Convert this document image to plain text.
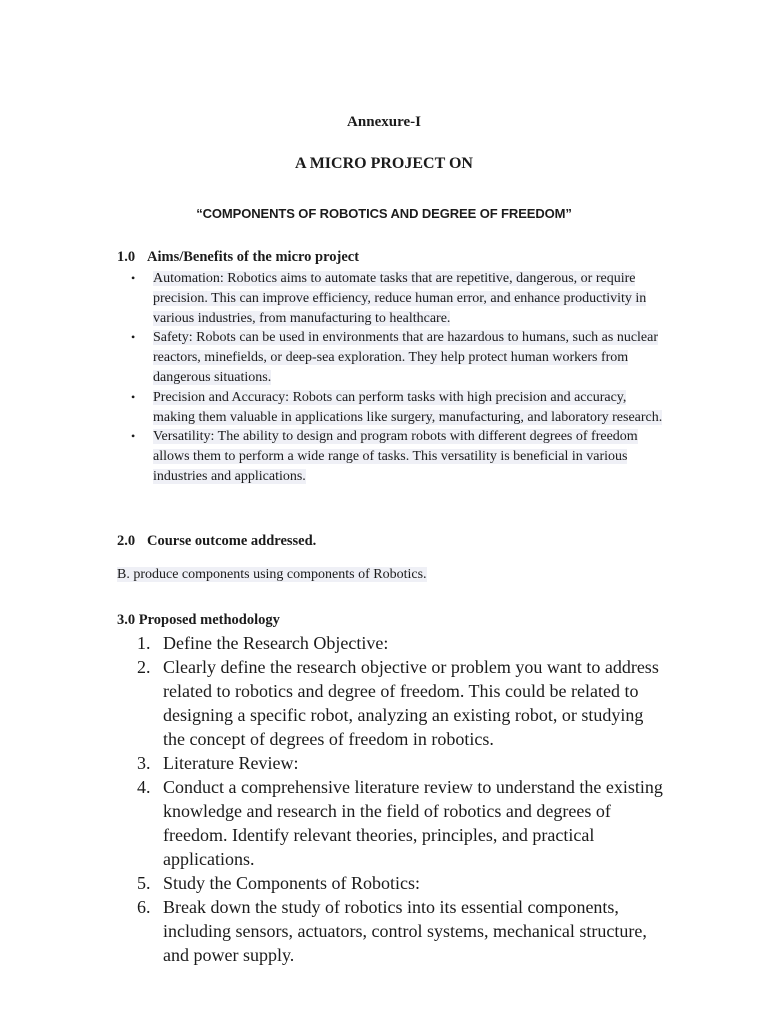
Annexure-I
A MICRO PROJECT ON
“COMPONENTS OF ROBOTICS AND DEGREE OF FREEDOM”
1.0 Aims/Benefits of the micro project
• Automation: Robotics aims to automate tasks that are repetitive, dangerous, or require precision. This can improve efficiency, reduce human error, and enhance productivity in various industries, from manufacturing to healthcare.
• Safety: Robots can be used in environments that are hazardous to humans, such as nuclear reactors, minefields, or deep-sea exploration. They help protect human workers from dangerous situations.
• Precision and Accuracy: Robots can perform tasks with high precision and accuracy, making them valuable in applications like surgery, manufacturing, and laboratory research.
• Versatility: The ability to design and program robots with different degrees of freedom allows them to perform a wide range of tasks. This versatility is beneficial in various industries and applications.
2.0 Course outcome addressed.
B. produce components using components of Robotics.
3.0 Proposed methodology
1. Define the Research Objective:
2. Clearly define the research objective or problem you want to address related to robotics and degree of freedom. This could be related to designing a specific robot, analyzing an existing robot, or studying the concept of degrees of freedom in robotics.
3. Literature Review:
4. Conduct a comprehensive literature review to understand the existing knowledge and research in the field of robotics and degrees of freedom. Identify relevant theories, principles, and practical applications.
5. Study the Components of Robotics:
6. Break down the study of robotics into its essential components, including sensors, actuators, control systems, mechanical structure, and power supply.
